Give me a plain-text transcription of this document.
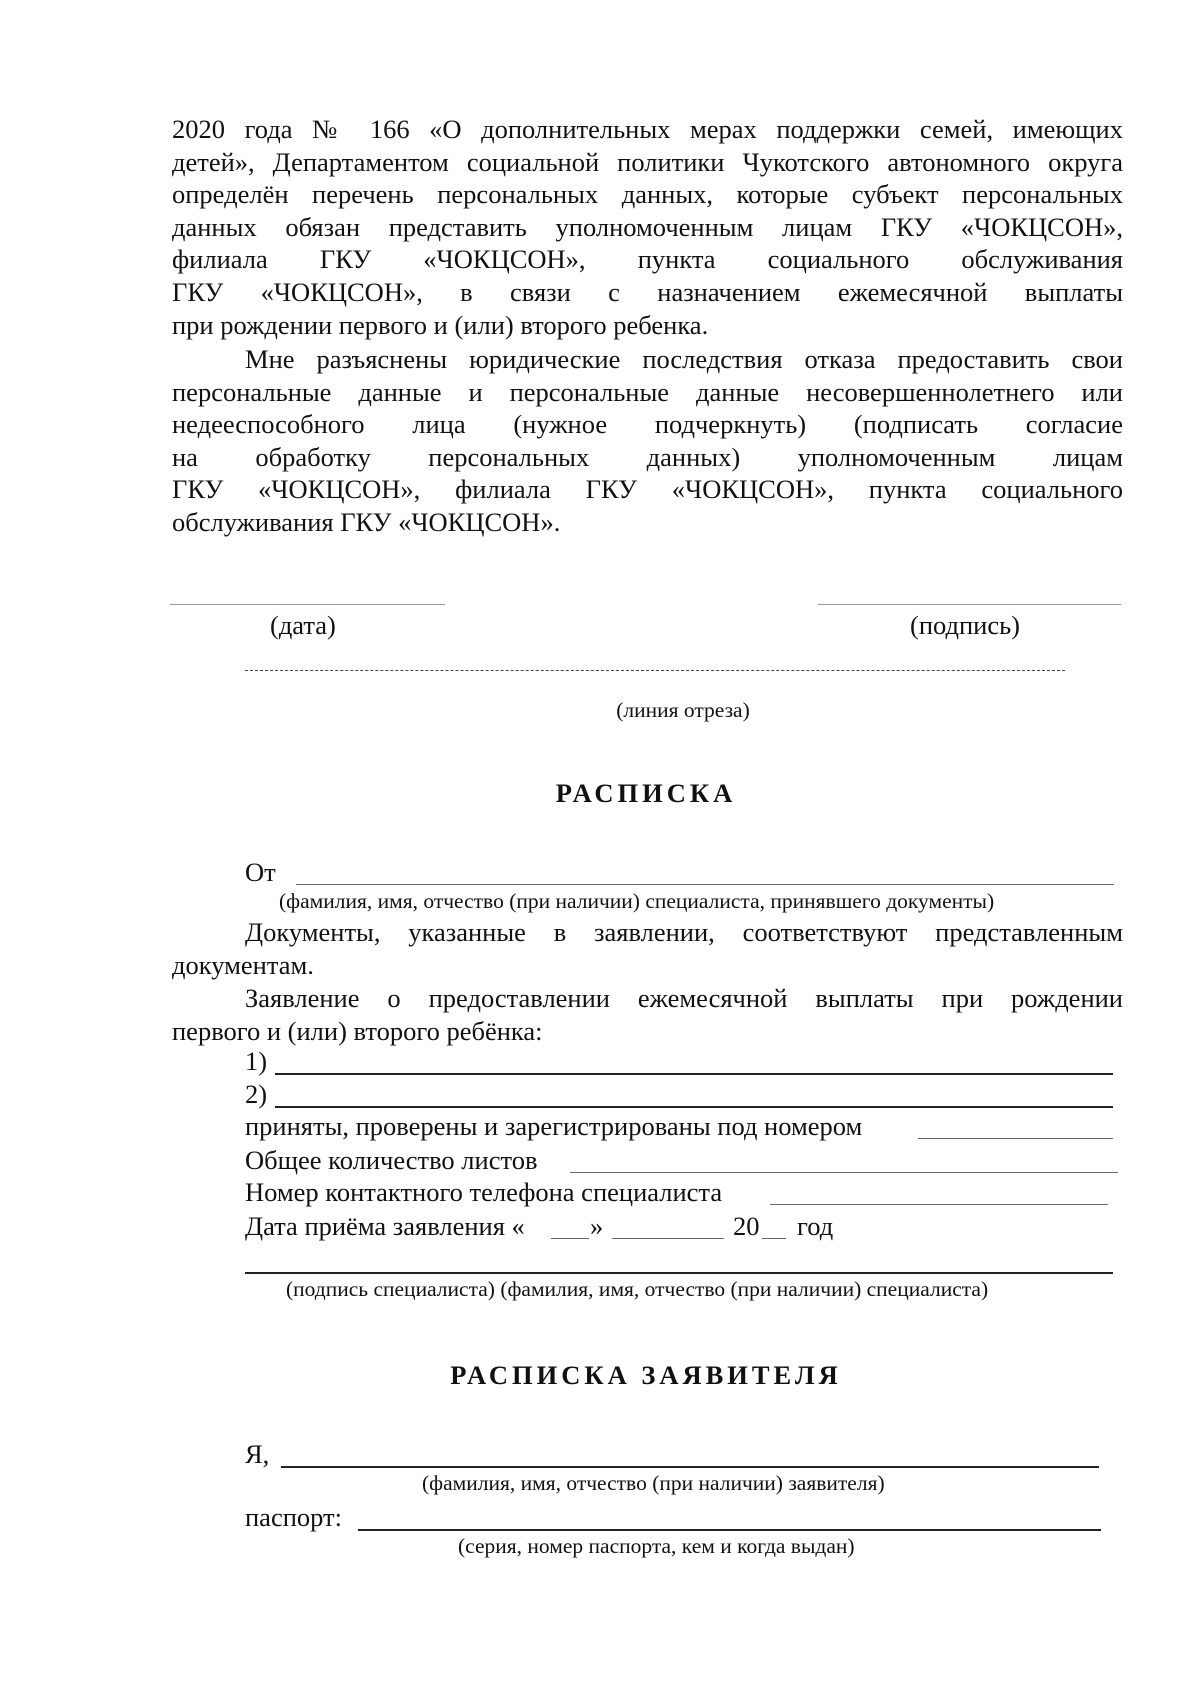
2020 года № 166 «О дополнительных мерах поддержки семей, имеющих
детей», Департаментом социальной политики Чукотского автономного округа
определён перечень персональных данных, которые субъект персональных
данных обязан представить уполномоченным лицам ГКУ «ЧОКЦСОН»,
филиала ГКУ «ЧОКЦСОН», пункта социального обслуживания
ГКУ «ЧОКЦСОН», в связи с назначением ежемесячной выплаты
при рождении первого и (или) второго ребенка.
Мне разъяснены юридические последствия отказа предоставить свои
персональные данные и персональные данные несовершеннолетнего или
недееспособного лица (нужное подчеркнуть) (подписать согласие
на обработку персональных данных) уполномоченным лицам
ГКУ «ЧОКЦСОН», филиала ГКУ «ЧОКЦСОН», пункта социального
обслуживания ГКУ «ЧОКЦСОН».
(дата)	(подпись)
(линия отреза)
РАСПИСКА
От
(фамилия, имя, отчество (при наличии) специалиста, принявшего документы)
Документы, указанные в заявлении, соответствуют представленным
документам.
Заявление о предоставлении ежемесячной выплаты при рождении
первого и (или) второго ребёнка:
1)
2)
приняты, проверены и зарегистрированы под номером
Общее количество листов
Номер контактного телефона специалиста
Дата приёма заявления « »	20 год
(подпись специалиста) (фамилия, имя, отчество (при наличии) специалиста)
РАСПИСКА ЗАЯВИТЕЛЯ
Я,
(фамилия, имя, отчество (при наличии) заявителя)
паспорт:
(серия, номер паспорта, кем и когда выдан)
